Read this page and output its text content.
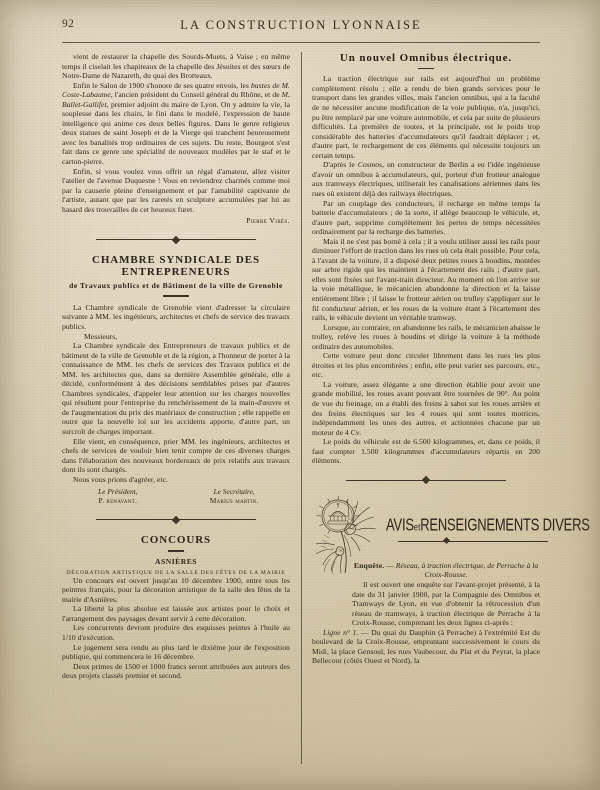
92	LA CONSTRUCTION LYONNAISE

vient de restaurer la chapelle des Sourds-Muets, à Vaise ; en même temps il ciselait les chapiteaux de la chapelle des Jésuites et des sœurs de Notre-Dame de Nazareth, du quai des Brotteaux.

Enfin le Salon de 1900 s'honore de ses quatre envois, les bustes de M. Coste-Labaume, l'ancien président du Conseil général du Rhône, et de M. Ballet-Gallifet, premier adjoint du maire de Lyon. On y admire la vie, la souplesse dans les chairs, le fini dans le modelé, l'expression de haute intelligence qui anime ces deux belles figures. Dans le genre religieux deux statues de saint Joseph et de la Vierge qui tranchent heureusement avec les banalités trop ordinaires de ces sujets. Du reste, Bourgeot s'est fait dans ce genre une spécialité de nouveaux modèles par le staf et le carton-pierre.

Enfin, si vous voulez vous offrir un régal d'amateur, allez visiter l'atelier de l'avenue Duquesne ! Vous en reviendrez charmés comme moi par la causerie pleine d'enseignement et par l'amabilité captivante de l'artiste, autant que par les raretés en sculpture accumulées par lui au hasard des trouvailles de cet heureux furet.

Pierre Virès.
CHAMBRE SYNDICALE DES ENTREPRENEURS
de Travaux publics et de Bâtiment de la ville de Grenoble

La Chambre syndicale de Grenoble vient d'adresser la circulaire suivante à MM. les ingénieurs, architectes et chefs de service des travaux publics.

Messieurs,

La Chambre syndicale des Entrepreneurs de travaux publics et de bâtiment de la ville de Grenoble et de la région, a l'honneur de porter à la connaissance de MM. les chefs de services des Travaux publics et de MM. les architectes que, dans sa dernière Assemblée générale, elle a décidé, conformément à des décisions semblables prises par d'autres Chambres syndicales, d'appeler leur attention sur les charges nouvelles qui résultent pour l'entreprise du renchérissement de la main-d'œuvre et de l'augmentation du prix des matériaux de construction ; elle rappelle en outre que la nouvelle loi sur les accidents apporte, d'autre part, un surcroît de charges important.

Elle vient, en conséquence, prier MM. les ingénieurs, architectes et chefs de services de vouloir bien tenir compte de ces diverses charges dans l'élaboration des nouveaux bordereaux de prix relatifs aux travaux dont ils sont chargés.

Nous vous prions d'agréer, etc.

Le Président,
P. renavant.
Le Secrétaire,
Marius martin.
CONCOURS
ASNIÈRES
DÉCORATION ARTISTIQUE DE LA SALLE DES FÊTES DE LA MAIRIE

Un concours est ouvert jusqu'au 10 décembre 1900, entre tous les peintres français, pour la décoration artistique de la salle des fêtes de la mairie d'Asnières.

La liberté la plus absolue est laissée aux artistes pour le choix et l'arrangement des paysages devant servir à cette décoration.

Les concurrents devront produire des esquisses peintes à l'huile au 1/10 d'exécution.

Le jugement sera rendu au plus tard le dixième jour de l'exposition publique, qui commencera le 16 décembre.

Deux primes de 1500 et 1000 francs seront attribuées aux auteurs des deux projets classés premier et second.

Un nouvel Omnibus électrique.

La traction électrique sur rails est aujourd'hui un problème complètement résolu ; elle a rendu de bien grands services pour le transport dans les grandes villes, mais l'ancien omnibus, qui a la faculté de ne nécessiter aucune modification de la voie publique, n'a, jusqu'ici, pu être remplacé par une voiture automobile, et cela par suite de plusieurs difficultés. La première de toutes, et la principale, est le poids trop considérable des batteries d'accumulateurs qu'il faudrait déplacer ; et, d'autre part, le rechargement de ces éléments qui nécessite toujours un certain temps.

D'après le Cosmos, un constructeur de Berlin a eu l'idée ingénieuse d'avoir un omnibus à accumulateurs, qui, porteur d'un frotteur analogue aux tramways électriques, utiliserait les canalisations aériennes dans les rues où existent déjà des railways électriques.

Par un couplage des conducteurs, il recharge en même temps la batterie d'accumulateurs ; de la sorte, il allège beaucoup le véhicule, et, d'autre part, supprime complètement les pertes de temps nécessitées ordinairement par la recharge des batteries.

Mais il ne s'est pas borné à cela ; il a voulu utiliser aussi les rails pour diminuer l'effort de traction dans les rues où cela était possible. Pour cela, à l'avant de la voiture, il a disposé deux petites roues à boudins, montées sur arbre rigide qui les maintient à l'écartement des rails ; d'autre part, elles sont fixées sur l'avant-train directeur. Au moment où l'on arrive sur la voie métallique, le mécanicien abandonne la direction et la laisse entièrement libre ; il laisse le frotteur aérien ou trolley s'appliquer sur le fil conducteur aérien, et les roues de la voiture étant à l'écartement des rails, le véhicule devient un véritable tramway.

Lorsque, au contraire, on abandonne les rails, le mécanicien abaisse le trolley, relève les roues à boudins et dirige la voiture à la méthode ordinaire des automobiles.

Cette voiture peut donc circuler librement dans les rues les plus étroites et les plus encombrées ; enfin, elle peut varier ses parcours, etc., etc.

La voiture, assez élégante a une direction établie pour avoir une grande mobilité, les roues avant pouvant être tournées de 90°. Au point de vue du freinage, on a établi des freins à sabot sur les roues arrière et des freins électriques sur les 4 roues qui sont toutes motrices, indépendamment les unes des autres, et actionnées chacune par un moteur de 4 Cv.

Le poids du véhicule est de 6.500 kilogrammes, et, dans ce poids, il faut compter 1.500 kilogrammes d'accumulateurs répartis en 200 éléments.

AVISetRENSEIGNEMENTS DIVERS
Enquête. — Réseau, à traction électrique, de Perrache à la Croix-Rousse.

Il est ouvert une enquête sur l'avant-projet présenté, à la date du 31 janvier 1900, par la Compagnie des Omnibus et Tramways de Lyon, en vue d'obtenir la rétrocession d'un réseau de tramways, à traction électrique de Perrache à la Croix-Rousse, comprenant les deux lignes ci-après :

Ligne n° 1. — Du quai du Dauphin (à Perrache) à l'extrémité Est du boulevard de la Croix-Rousse, empruntant successivement le cours du Midi, la place Gensoul, les rues Vaubecour, du Plat et du Peyrat, la place Bellecour (côtés Ouest et Nord), la
